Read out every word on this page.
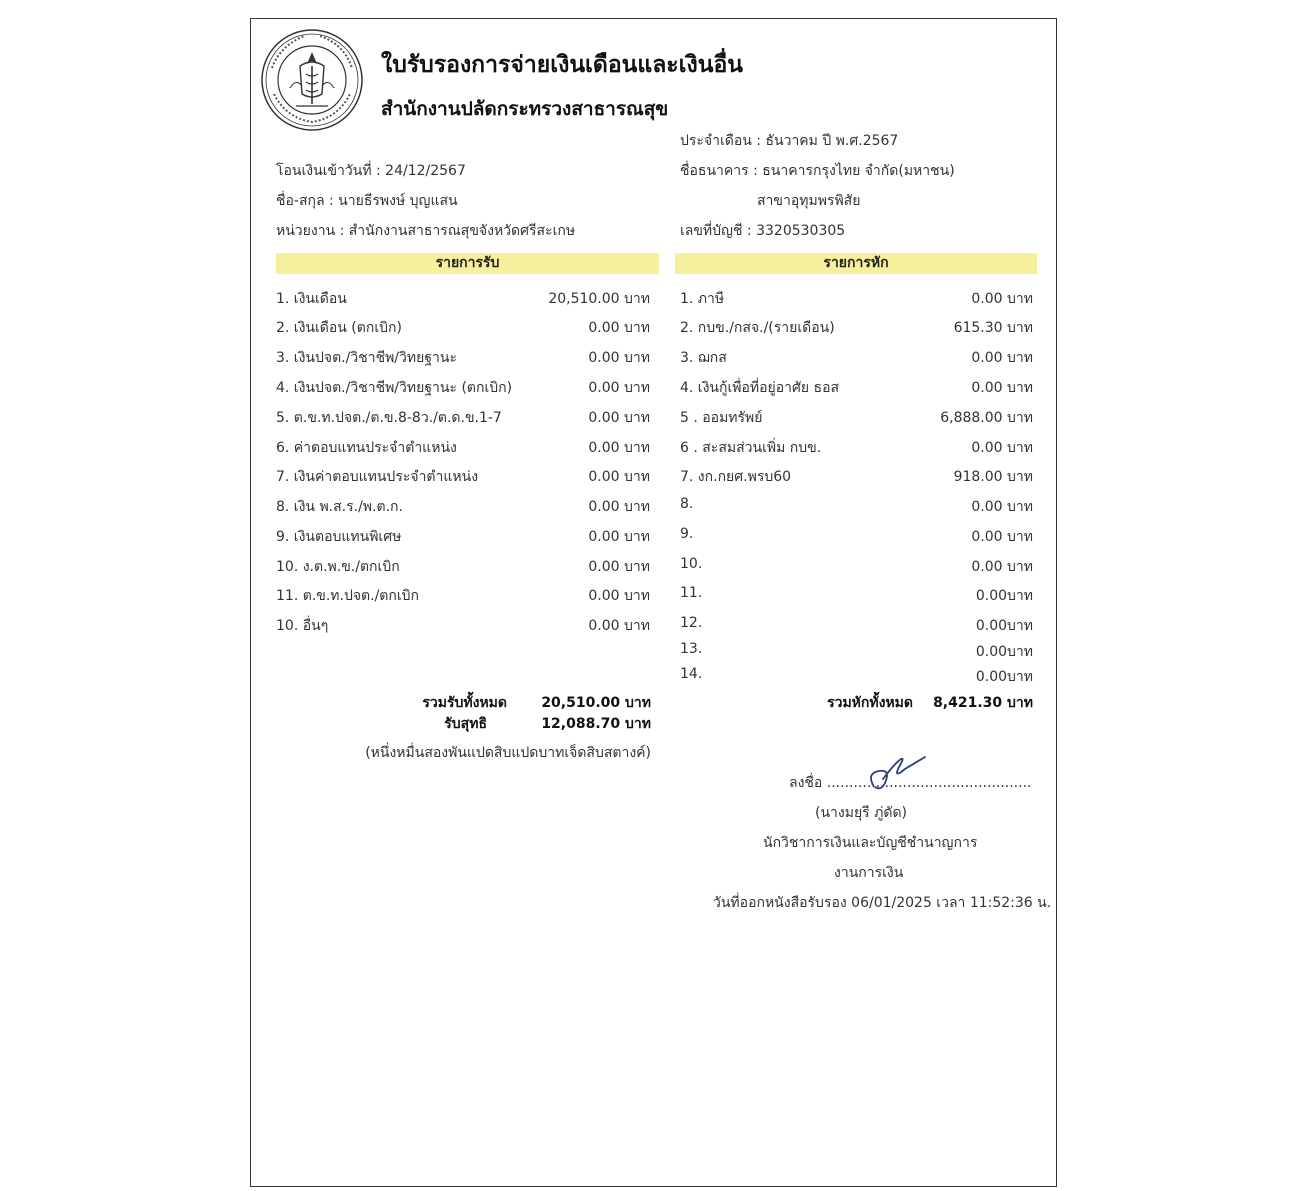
ใบรับรองการจ่ายเงินเดือนและเงินอื่น
สำนักงานปลัดกระทรวงสาธารณสุข
ประจำเดือน : ธันวาคม ปี พ.ศ.2567
โอนเงินเข้าวันที่ : 24/12/2567	ชื่อธนาคาร : ธนาคารกรุงไทย จำกัด(มหาชน)
ชื่อ-สกุล : นายธีรพงษ์ บุญแสน	สาขาอุทุมพรพิสัย
หน่วยงาน : สำนักงานสาธารณสุขจังหวัดศรีสะเกษ	เลขที่บัญชี : 3320530305
รายการรับ	รายการหัก
1. เงินเดือน	20,510.00 บาท
2. เงินเดือน (ตกเบิก)	0.00 บาท
3. เงินปจต./วิชาชีพ/วิทยฐานะ	0.00 บาท
4. เงินปจต./วิชาชีพ/วิทยฐานะ (ตกเบิก)	0.00 บาท
5. ต.ข.ท.ปจต./ต.ข.8-8ว./ต.ด.ข.1-7	0.00 บาท
6. ค่าตอบแทนประจำตำแหน่ง	0.00 บาท
7. เงินค่าตอบแทนประจำตำแหน่ง	0.00 บาท
8. เงิน พ.ส.ร./พ.ต.ก.	0.00 บาท
9. เงินตอบแทนพิเศษ	0.00 บาท
10. ง.ต.พ.ข./ตกเบิก	0.00 บาท
11. ต.ข.ท.ปจต./ตกเบิก	0.00 บาท
10. อื่นๆ	0.00 บาท
1. ภาษี	0.00 บาท
2. กบข./กสจ./(รายเดือน)	615.30 บาท
3. ฌกส	0.00 บาท
4. เงินกู้เพื่อที่อยู่อาศัย ธอส	0.00 บาท
5 . ออมทรัพย์	6,888.00 บาท
6 . สะสมส่วนเพิ่ม กบข.	0.00 บาท
7. งก.กยศ.พรบ60	918.00 บาท
8.	0.00 บาท
9.	0.00 บาท
10.	0.00 บาท
11.	0.00บาท
12.	0.00บาท
13.	0.00บาท
14.	0.00บาท
รวมรับทั้งหมด	20,510.00 บาท
รับสุทธิ	12,088.70 บาท
(หนึ่งหมื่นสองพันแปดสิบแปดบาทเจ็ดสิบสตางค์)
รวมหักทั้งหมด	8,421.30 บาท
ลงชื่อ ..............................................
(นางมยุรี ภู่ดัด)
นักวิชาการเงินและบัญชีชำนาญการ
งานการเงิน
วันที่ออกหนังสือรับรอง 06/01/2025 เวลา 11:52:36 น.
